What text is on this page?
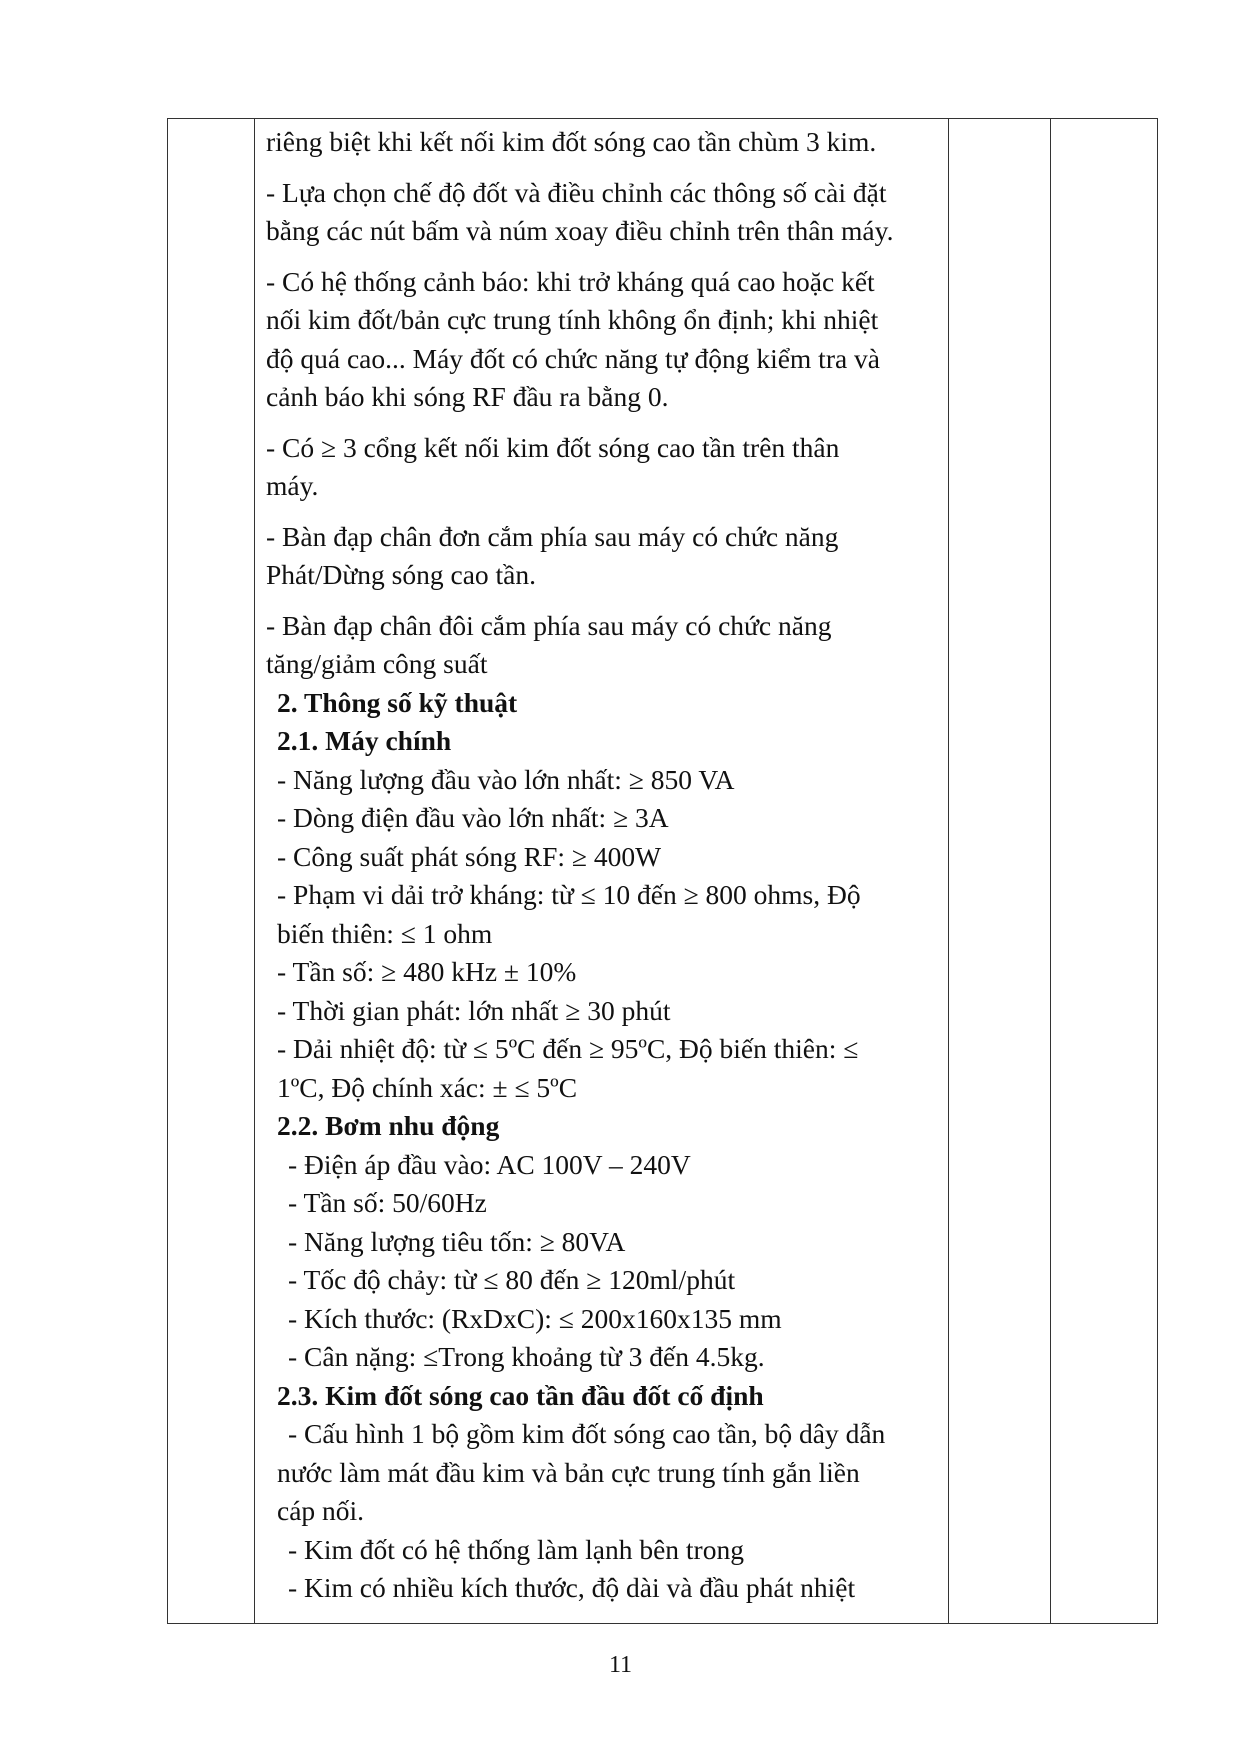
riêng biệt khi kết nối kim đốt sóng cao tần chùm 3 kim.
- Lựa chọn chế độ đốt và điều chỉnh các thông số cài đặt
bằng các nút bấm và núm xoay điều chỉnh trên thân máy.
- Có hệ thống cảnh báo: khi trở kháng quá cao hoặc kết
nối kim đốt/bản cực trung tính không ổn định; khi nhiệt
độ quá cao... Máy đốt có chức năng tự động kiểm tra và
cảnh báo khi sóng RF đầu ra bằng 0.
- Có ≥ 3 cổng kết nối kim đốt sóng cao tần trên thân
máy.
- Bàn đạp chân đơn cắm phía sau máy có chức năng
Phát/Dừng sóng cao tần.
- Bàn đạp chân đôi cắm phía sau máy có chức năng
tăng/giảm công suất
2. Thông số kỹ thuật
2.1. Máy chính
- Năng lượng đầu vào lớn nhất: ≥ 850 VA
- Dòng điện đầu vào lớn nhất: ≥ 3A
- Công suất phát sóng RF: ≥ 400W
- Phạm vi dải trở kháng: từ ≤ 10 đến ≥ 800 ohms, Độ
biến thiên: ≤ 1 ohm
- Tần số: ≥ 480 kHz ± 10%
- Thời gian phát: lớn nhất ≥ 30 phút
- Dải nhiệt độ: từ ≤ 5ºC đến ≥ 95ºC, Độ biến thiên: ≤
1ºC, Độ chính xác: ± ≤ 5ºC
2.2. Bơm nhu động
- Điện áp đầu vào: AC 100V – 240V
- Tần số: 50/60Hz
- Năng lượng tiêu tốn: ≥ 80VA
- Tốc độ chảy: từ ≤ 80 đến ≥ 120ml/phút
- Kích thước: (RxDxC): ≤ 200x160x135 mm
- Cân nặng: ≤Trong khoảng từ 3 đến 4.5kg.
2.3. Kim đốt sóng cao tần đầu đốt cố định
- Cấu hình 1 bộ gồm kim đốt sóng cao tần, bộ dây dẫn
nước làm mát đầu kim và bản cực trung tính gắn liền
cáp nối.
- Kim đốt có hệ thống làm lạnh bên trong
- Kim có nhiều kích thước, độ dài và đầu phát nhiệt

11
